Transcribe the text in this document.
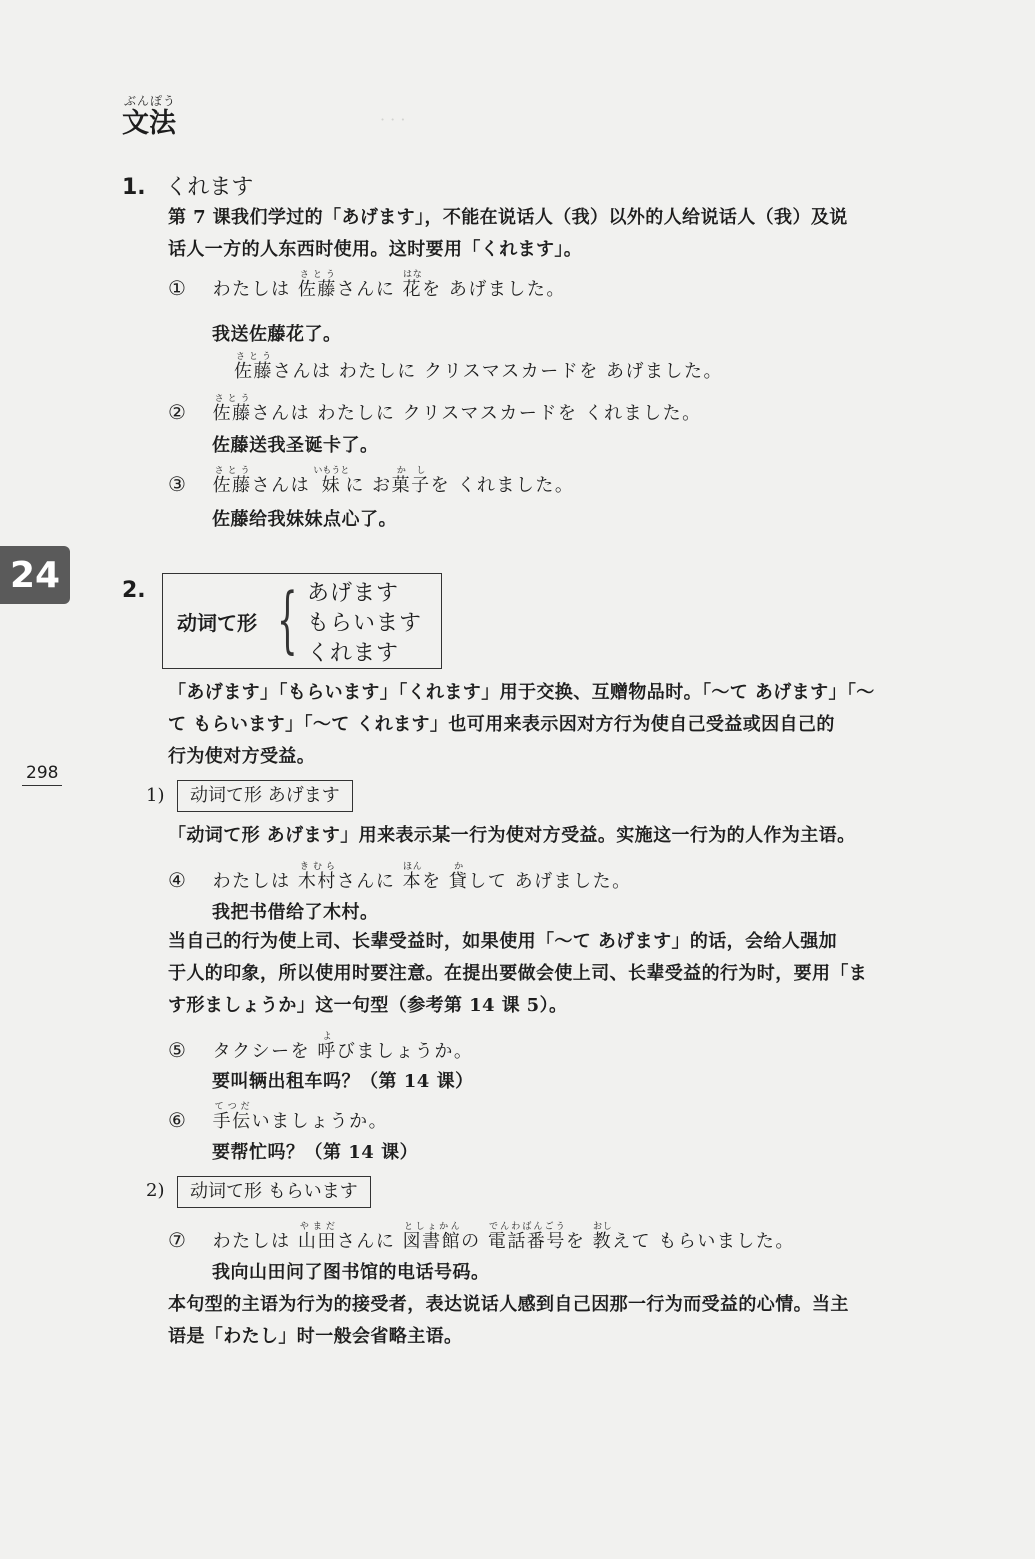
· · ·
ぶんぽう
文法
1. くれます
第 7 课我们学过的「あげます」，不能在说话人（我）以外的人给说话人（我）及说
话人一方的人东西时使用。这时要用「くれます」。
① わたしは 佐藤さとうさんに 花はなを あげました。
我送佐藤花了。
佐藤さとうさんは わたしに クリスマスカードを あげました。
② 佐藤さとうさんは わたしに クリスマスカードを くれました。
佐藤送我圣诞卡了。
③ 佐藤さとうさんは 妹いもうとに お菓子かしを くれました。
佐藤给我妹妹点心了。
24	2.
动词て形 { あげます
もらいます
くれます
「あげます」「もらいます」「くれます」用于交换、互赠物品时。「～て あげます」「～
て もらいます」「～て くれます」也可用来表示因对方行为使自己受益或因自己的
行为使对方受益。
298
1)	动词て形 あげます
「动词て形 あげます」用来表示某一行为使对方受益。实施这一行为的人作为主语。
④ わたしは 木村きむらさんに 本ほんを 貸かして あげました。
我把书借给了木村。
当自己的行为使上司、长辈受益时，如果使用「～て あげます」的话，会给人强加
于人的印象，所以使用时要注意。在提出要做会使上司、长辈受益的行为时，要用「ま
す形ましょうか」这一句型（参考第 14 课 5）。
⑤ タクシーを 呼よびましょうか。
要叫辆出租车吗？（第 14 课）
⑥ 手伝てつだいましょうか。
要帮忙吗？（第 14 课）
2)	动词て形 もらいます
⑦ わたしは 山田やまださんに 図書館としょかんの 電話番号でんわばんごうを 教おしえて もらいました。
我向山田问了图书馆的电话号码。
本句型的主语为行为的接受者，表达说话人感到自己因那一行为而受益的心情。当主
语是「わたし」时一般会省略主语。
